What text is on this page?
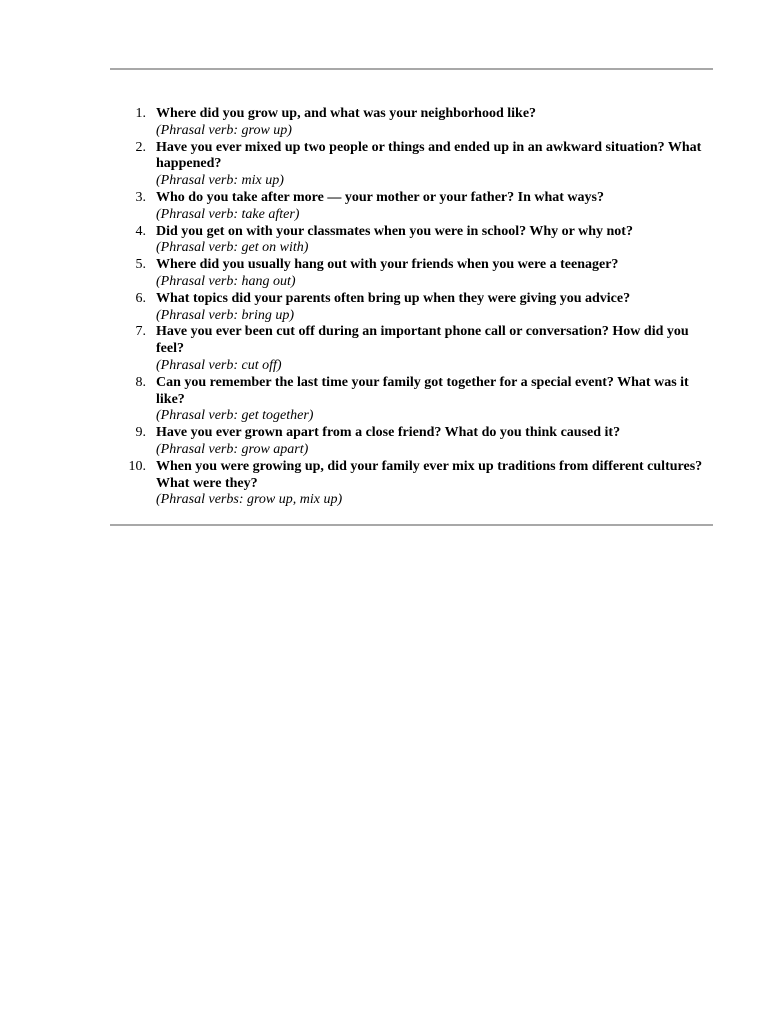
1. Where did you grow up, and what was your neighborhood like?
(Phrasal verb: grow up)
2. Have you ever mixed up two people or things and ended up in an awkward situation? What happened?
(Phrasal verb: mix up)
3. Who do you take after more — your mother or your father? In what ways?
(Phrasal verb: take after)
4. Did you get on with your classmates when you were in school? Why or why not?
(Phrasal verb: get on with)
5. Where did you usually hang out with your friends when you were a teenager?
(Phrasal verb: hang out)
6. What topics did your parents often bring up when they were giving you advice?
(Phrasal verb: bring up)
7. Have you ever been cut off during an important phone call or conversation? How did you feel?
(Phrasal verb: cut off)
8. Can you remember the last time your family got together for a special event? What was it like?
(Phrasal verb: get together)
9. Have you ever grown apart from a close friend? What do you think caused it?
(Phrasal verb: grow apart)
10. When you were growing up, did your family ever mix up traditions from different cultures? What were they?
(Phrasal verbs: grow up, mix up)
